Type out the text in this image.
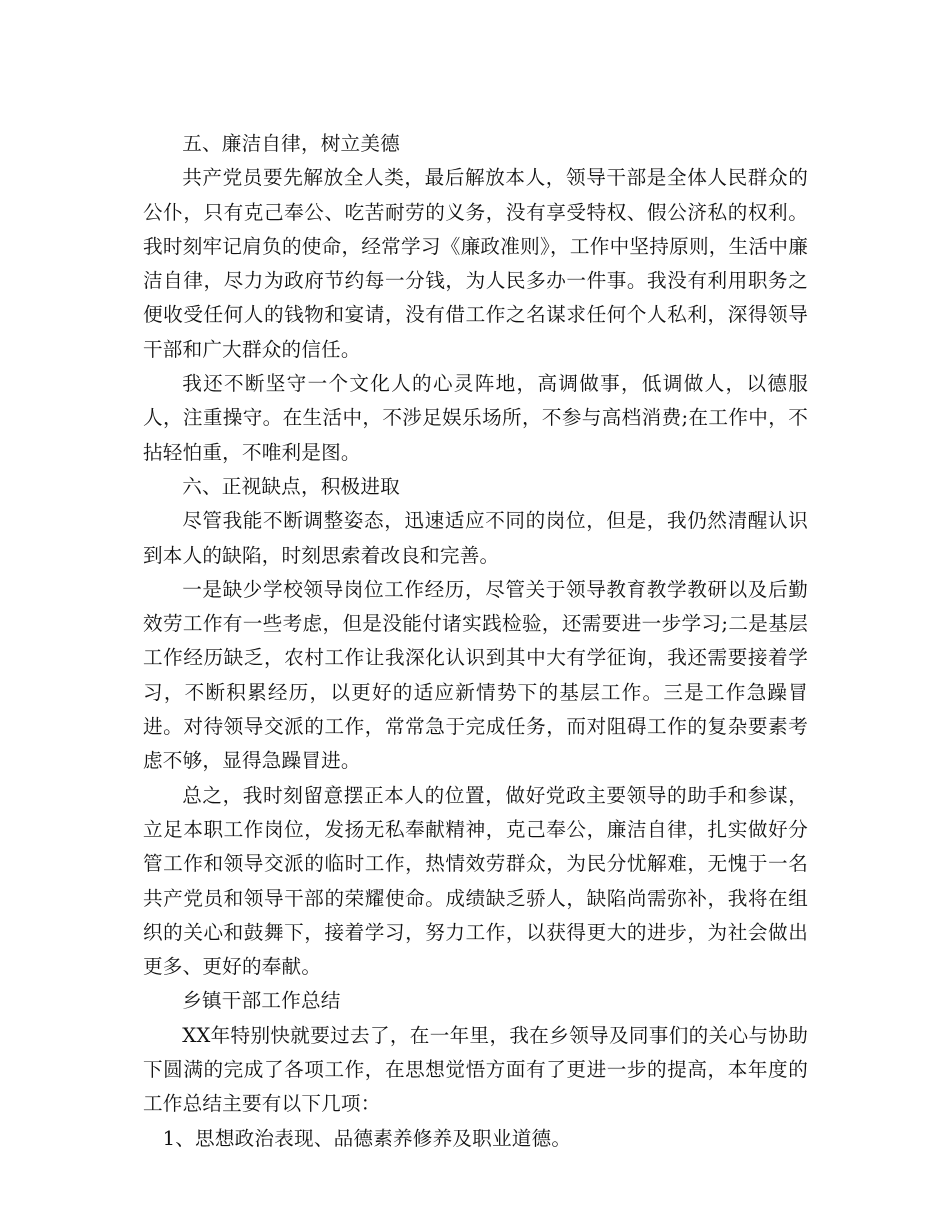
五、廉洁自律，树立美德

共产党员要先解放全人类，最后解放本人，领导干部是全体人民群众的公仆，只有克己奉公、吃苦耐劳的义务，没有享受特权、假公济私的权利。我时刻牢记肩负的使命，经常学习《廉政准则》，工作中坚持原则，生活中廉洁自律，尽力为政府节约每一分钱，为人民多办一件事。我没有利用职务之便收受任何人的钱物和宴请，没有借工作之名谋求任何个人私利，深得领导干部和广大群众的信任。

我还不断坚守一个文化人的心灵阵地，高调做事，低调做人，以德服人，注重操守。在生活中，不涉足娱乐场所，不参与高档消费;在工作中，不拈轻怕重，不唯利是图。

六、正视缺点，积极进取

尽管我能不断调整姿态，迅速适应不同的岗位，但是，我仍然清醒认识到本人的缺陷，时刻思索着改良和完善。

一是缺少学校领导岗位工作经历，尽管关于领导教育教学教研以及后勤效劳工作有一些考虑，但是没能付诸实践检验，还需要进一步学习;二是基层工作经历缺乏，农村工作让我深化认识到其中大有学征询，我还需要接着学习，不断积累经历，以更好的适应新情势下的基层工作。三是工作急躁冒进。对待领导交派的工作，常常急于完成任务，而对阻碍工作的复杂要素考虑不够，显得急躁冒进。

总之，我时刻留意摆正本人的位置，做好党政主要领导的助手和参谋，立足本职工作岗位，发扬无私奉献精神，克己奉公，廉洁自律，扎实做好分管工作和领导交派的临时工作，热情效劳群众，为民分忧解难，无愧于一名共产党员和领导干部的荣耀使命。成绩缺乏骄人，缺陷尚需弥补，我将在组织的关心和鼓舞下，接着学习，努力工作，以获得更大的进步，为社会做出更多、更好的奉献。

乡镇干部工作总结

XX年特别快就要过去了，在一年里，我在乡领导及同事们的关心与协助下圆满的完成了各项工作，在思想觉悟方面有了更进一步的提高，本年度的工作总结主要有以下几项：

1、思想政治表现、品德素养修养及职业道德。
